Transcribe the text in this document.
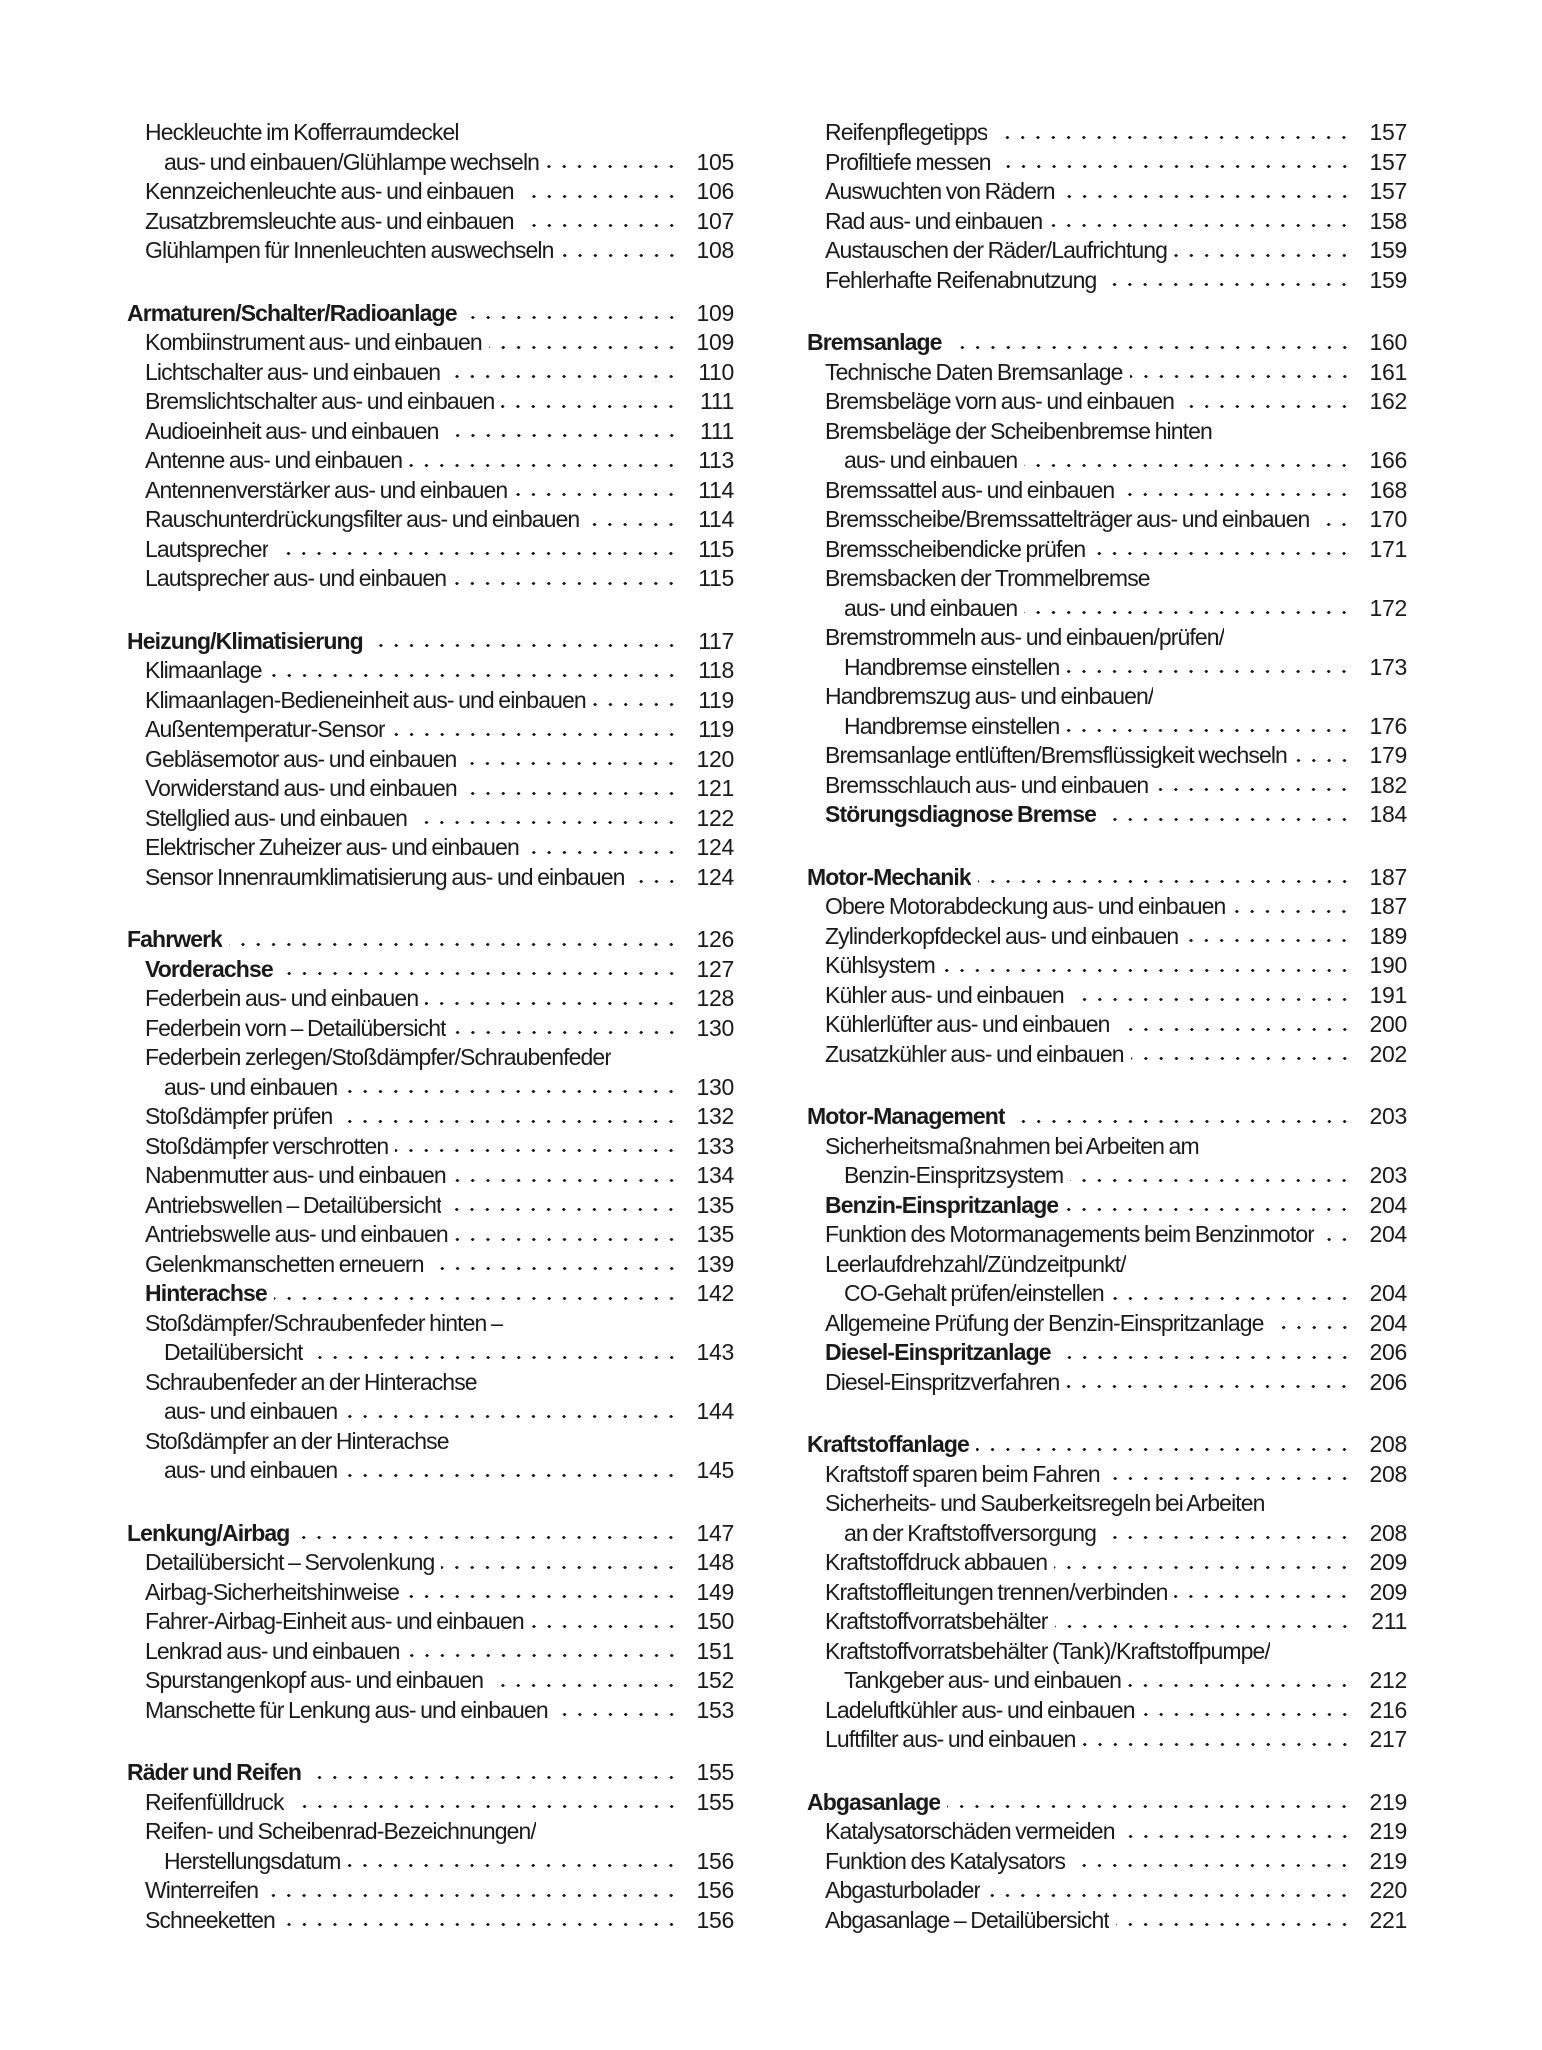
Heckleuchte im Kofferraumdeckel
aus- und einbauen/Glühlampe wechseln	105
Kennzeichenleuchte aus- und einbauen	106
Zusatzbremsleuchte aus- und einbauen	107
Glühlampen für Innenleuchten auswechseln	108
Armaturen/Schalter/Radioanlage	109
Kombiinstrument aus- und einbauen	109
Lichtschalter aus- und einbauen	110
Bremslichtschalter aus- und einbauen	111
Audioeinheit aus- und einbauen	111
Antenne aus- und einbauen	113
Antennenverstärker aus- und einbauen	114
Rauschunterdrückungsfilter aus- und einbauen	114
Lautsprecher	115
Lautsprecher aus- und einbauen	115
Heizung/Klimatisierung	117
Klimaanlage	118
Klimaanlagen-Bedieneinheit aus- und einbauen	119
Außentemperatur-Sensor	119
Gebläsemotor aus- und einbauen	120
Vorwiderstand aus- und einbauen	121
Stellglied aus- und einbauen	122
Elektrischer Zuheizer aus- und einbauen	124
Sensor Innenraumklimatisierung aus- und einbauen	124
Fahrwerk	126
Vorderachse	127
Federbein aus- und einbauen	128
Federbein vorn – Detailübersicht	130
Federbein zerlegen/Stoßdämpfer/Schraubenfeder
aus- und einbauen	130
Stoßdämpfer prüfen	132
Stoßdämpfer verschrotten	133
Nabenmutter aus- und einbauen	134
Antriebswellen – Detailübersicht	135
Antriebswelle aus- und einbauen	135
Gelenkmanschetten erneuern	139
Hinterachse	142
Stoßdämpfer/Schraubenfeder hinten –
Detailübersicht	143
Schraubenfeder an der Hinterachse
aus- und einbauen	144
Stoßdämpfer an der Hinterachse
aus- und einbauen	145
Lenkung/Airbag	147
Detailübersicht – Servolenkung	148
Airbag-Sicherheitshinweise	149
Fahrer-Airbag-Einheit aus- und einbauen	150
Lenkrad aus- und einbauen	151
Spurstangenkopf aus- und einbauen	152
Manschette für Lenkung aus- und einbauen	153
Räder und Reifen	155
Reifenfülldruck	155
Reifen- und Scheibenrad-Bezeichnungen/
Herstellungsdatum	156
Winterreifen	156
Schneeketten	156
Reifenpflegetipps	157
Profiltiefe messen	157
Auswuchten von Rädern	157
Rad aus- und einbauen	158
Austauschen der Räder/Laufrichtung	159
Fehlerhafte Reifenabnutzung	159
Bremsanlage	160
Technische Daten Bremsanlage	161
Bremsbeläge vorn aus- und einbauen	162
Bremsbeläge der Scheibenbremse hinten
aus- und einbauen	166
Bremssattel aus- und einbauen	168
Bremsscheibe/Bremssattelträger aus- und einbauen	170
Bremsscheibendicke prüfen	171
Bremsbacken der Trommelbremse
aus- und einbauen	172
Bremstrommeln aus- und einbauen/prüfen/
Handbremse einstellen	173
Handbremszug aus- und einbauen/
Handbremse einstellen	176
Bremsanlage entlüften/Bremsflüssigkeit wechseln	179
Bremsschlauch aus- und einbauen	182
Störungsdiagnose Bremse	184
Motor-Mechanik	187
Obere Motorabdeckung aus- und einbauen	187
Zylinderkopfdeckel aus- und einbauen	189
Kühlsystem	190
Kühler aus- und einbauen	191
Kühlerlüfter aus- und einbauen	200
Zusatzkühler aus- und einbauen	202
Motor-Management	203
Sicherheitsmaßnahmen bei Arbeiten am
Benzin-Einspritzsystem	203
Benzin-Einspritzanlage	204
Funktion des Motormanagements beim Benzinmotor	204
Leerlaufdrehzahl/Zündzeitpunkt/
CO-Gehalt prüfen/einstellen	204
Allgemeine Prüfung der Benzin-Einspritzanlage	204
Diesel-Einspritzanlage	206
Diesel-Einspritzverfahren	206
Kraftstoffanlage	208
Kraftstoff sparen beim Fahren	208
Sicherheits- und Sauberkeitsregeln bei Arbeiten
an der Kraftstoffversorgung	208
Kraftstoffdruck abbauen	209
Kraftstoffleitungen trennen/verbinden	209
Kraftstoffvorratsbehälter	211
Kraftstoffvorratsbehälter (Tank)/Kraftstoffpumpe/
Tankgeber aus- und einbauen	212
Ladeluftkühler aus- und einbauen	216
Luftfilter aus- und einbauen	217
Abgasanlage	219
Katalysatorschäden vermeiden	219
Funktion des Katalysators	219
Abgasturbolader	220
Abgasanlage – Detailübersicht	221
